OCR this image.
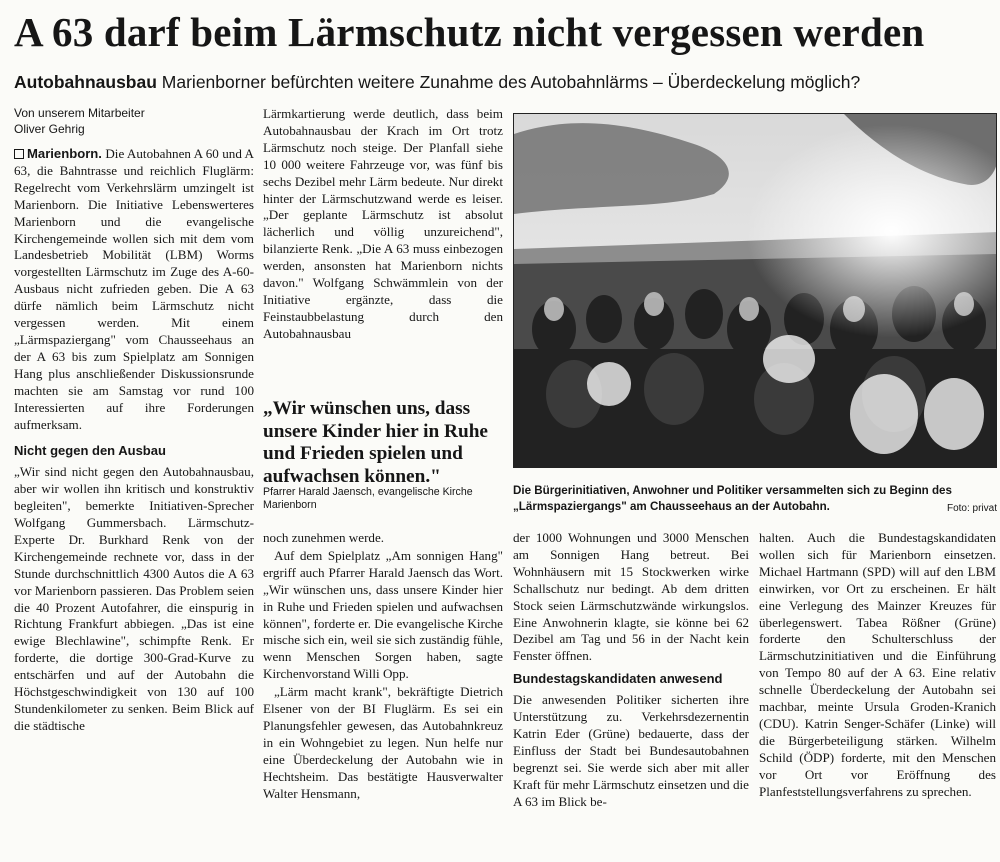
A 63 darf beim Lärmschutz nicht vergessen werden
Autobahnausbau Marienborner befürchten weitere Zunahme des Autobahnlärms – Überdeckelung möglich?
Von unserem Mitarbeiter
Oliver Gehrig

Marienborn. Die Autobahnen A 60 und A 63, die Bahntrasse und reichlich Fluglärm: Regelrecht vom Verkehrslärm umzingelt ist Marienborn. Die Initiative Lebenswerteres Marienborn und die evangelische Kirchengemeinde wollen sich mit dem vom Landesbetrieb Mobilität (LBM) Worms vorgestellten Lärmschutz im Zuge des A-60-Ausbaus nicht zufrieden geben. Die A 63 dürfe nämlich beim Lärmschutz nicht vergessen werden. Mit einem „Lärmspaziergang" vom Chausseehaus an der A 63 bis zum Spielplatz am Sonnigen Hang plus anschließender Diskussionsrunde machten sie am Samstag vor rund 100 Interessierten auf ihre Forderungen aufmerksam.

Nicht gegen den Ausbau

„Wir sind nicht gegen den Autobahnausbau, aber wir wollen ihn kritisch und konstruktiv begleiten", bemerkte Initiativen-Sprecher Wolfgang Gummersbach. Lärmschutz-Experte Dr. Burkhard Renk von der Kirchengemeinde rechnete vor, dass in der Stunde durchschnittlich 4300 Autos die A 63 vor Marienborn passieren. Das Problem seien die 40 Prozent Autofahrer, die einspurig in Richtung Frankfurt abbiegen. „Das ist eine ewige Blechlawine", schimpfte Renk. Er forderte, die dortige 300-Grad-Kurve zu entschärfen und auf der Autobahn die Höchstgeschwindigkeit von 130 auf 100 Stundenkilometer zu senken. Beim Blick auf die städtische

Lärmkartierung werde deutlich, dass beim Autobahnausbau der Krach im Ort trotz Lärmschutz noch steige. Der Planfall siehe 10 000 weitere Fahrzeuge vor, was fünf bis sechs Dezibel mehr Lärm bedeute. Nur direkt hinter der Lärmschutzwand werde es leiser. „Der geplante Lärmschutz ist absolut lächerlich und völlig unzureichend", bilanzierte Renk. „Die A 63 muss einbezogen werden, ansonsten hat Marienborn nichts davon." Wolfgang Schwämmlein von der Initiative ergänzte, dass die Feinstaubbelastung durch den Autobahnausbau

„Wir wünschen uns, dass unsere Kinder hier in Ruhe und Frieden spielen und aufwachsen können."
Pfarrer Harald Jaensch, evangelische Kirche Marienborn

noch zunehmen werde.

Auf dem Spielplatz „Am sonnigen Hang" ergriff auch Pfarrer Harald Jaensch das Wort. „Wir wünschen uns, dass unsere Kinder hier in Ruhe und Frieden spielen und aufwachsen können", forderte er. Die evangelische Kirche mische sich ein, weil sie sich zuständig fühle, wenn Menschen Sorgen haben, sagte Kirchenvorstand Willi Opp.

„Lärm macht krank", bekräftigte Dietrich Elsener von der BI Fluglärm. Es sei ein Planungsfehler gewesen, das Autobahnkreuz in ein Wohngebiet zu legen. Nun helfe nur eine Überdeckelung der Autobahn wie in Hechtsheim. Das bestätigte Hausverwalter Walter Hensmann,

der 1000 Wohnungen und 3000 Menschen am Sonnigen Hang betreut. Bei Wohnhäusern mit 15 Stockwerken wirke Schallschutz nur bedingt. Ab dem dritten Stock seien Lärmschutzwände wirkungslos. Eine Anwohnerin klagte, sie könne bei 62 Dezibel am Tag und 56 in der Nacht kein Fenster öffnen.

Bundestagskandidaten anwesend

Die anwesenden Politiker sicherten ihre Unterstützung zu. Verkehrsdezernentin Katrin Eder (Grüne) bedauerte, dass der Einfluss der Stadt bei Bundesautobahnen begrenzt sei. Sie werde sich aber mit aller Kraft für mehr Lärmschutz einsetzen und die A 63 im Blick be-

halten. Auch die Bundestagskandidaten wollen sich für Marienborn einsetzen. Michael Hartmann (SPD) will auf den LBM einwirken, vor Ort zu erscheinen. Er hält eine Verlegung des Mainzer Kreuzes für überlegenswert. Tabea Rößner (Grüne) forderte den Schulterschluss der Lärmschutzinitiativen und die Einführung von Tempo 80 auf der A 63. Eine relativ schnelle Überdeckelung der Autobahn sei machbar, meinte Ursula Groden-Kranich (CDU). Katrin Senger-Schäfer (Linke) will die Bürgerbeteiligung stärken. Wilhelm Schild (ÖDP) forderte, mit den Menschen vor Ort vor Eröffnung des Planfeststellungsverfahrens zu sprechen.

Die Bürgerinitiativen, Anwohner und Politiker versammelten sich zu Beginn des „Lärmspaziergangs" am Chausseehaus an der Autobahn.	Foto: privat
